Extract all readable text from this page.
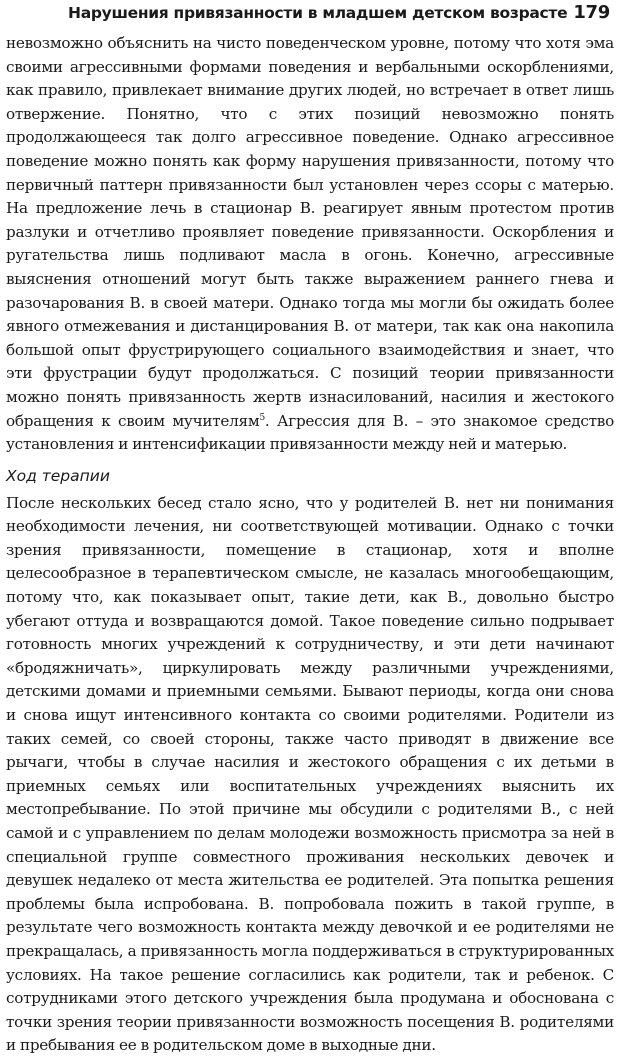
Нарушения привязанности в младшем детском возрасте 179

невозможно объяснить на чисто поведенческом уровне, потому что хотя эма своими агрессивными формами поведения и вербальными оскорблениями, как правило, привлекает внимание других людей, но встречает в ответ лишь отвержение. Понятно, что с этих позиций невозможно понять продолжающееся так долго агрессивное поведение. Однако агрессивное поведение можно понять как форму нарушения привязанности, потому что первичный паттерн привязанности был установлен через ссоры с матерью. На предложение лечь в стационар В. реагирует явным протестом против разлуки и отчетливо проявляет поведение привязанности. Оскорбления и ругательства лишь подливают масла в огонь. Конечно, агрессивные выяснения отношений могут быть также выражением раннего гнева и разочарования В. в своей матери. Однако тогда мы могли бы ожидать более явного отмежевания и дистанцирования В. от матери, так как она накопила большой опыт фрустрирующего социального взаимодействия и знает, что эти фрустрации будут продолжаться. С позиций теории привязанности можно понять привязанность жертв изнасилований, насилия и жестокого обращения к своим мучителям$^5$. Агрессия для В. – это знакомое средство установления и интенсификации привязанности между ней и матерью.

Ход терапии

После нескольких бесед стало ясно, что у родителей В. нет ни понимания необходимости лечения, ни соответствующей мотивации. Однако с точки зрения привязанности, помещение в стационар, хотя и вполне целесообразное в терапевтическом смысле, не казалась многообещающим, потому что, как показывает опыт, такие дети, как В., довольно быстро убегают оттуда и возвращаются домой. Такое поведение сильно подрывает готовность многих учреждений к сотрудничеству, и эти дети начинают «бродяжничать», циркулировать между различными учреждениями, детскими домами и приемными семьями. Бывают периоды, когда они снова и снова ищут интенсивного контакта со своими родителями. Родители из таких семей, со своей стороны, также часто приводят в движение все рычаги, чтобы в случае насилия и жестокого обращения с их детьми в приемных семьях или воспитательных учреждениях выяснить их местопребывание. По этой причине мы обсудили с родителями В., с ней самой и с управлением по делам молодежи возможность присмотра за ней в специальной группе совместного проживания нескольких девочек и девушек недалеко от места жительства ее родителей. Эта попытка решения проблемы была испробована. В. попробовала пожить в такой группе, в результате чего возможность контакта между девочкой и ее родителями не прекращалась, а привязанность могла поддерживаться в структурированных условиях. На такое решение согласились как родители, так и ребенок. С сотрудниками этого детского учреждения была продумана и обоснована с точки зрения теории привязанности возможность посещения В. родителями и пребывания ее в родительском доме в выходные дни.
